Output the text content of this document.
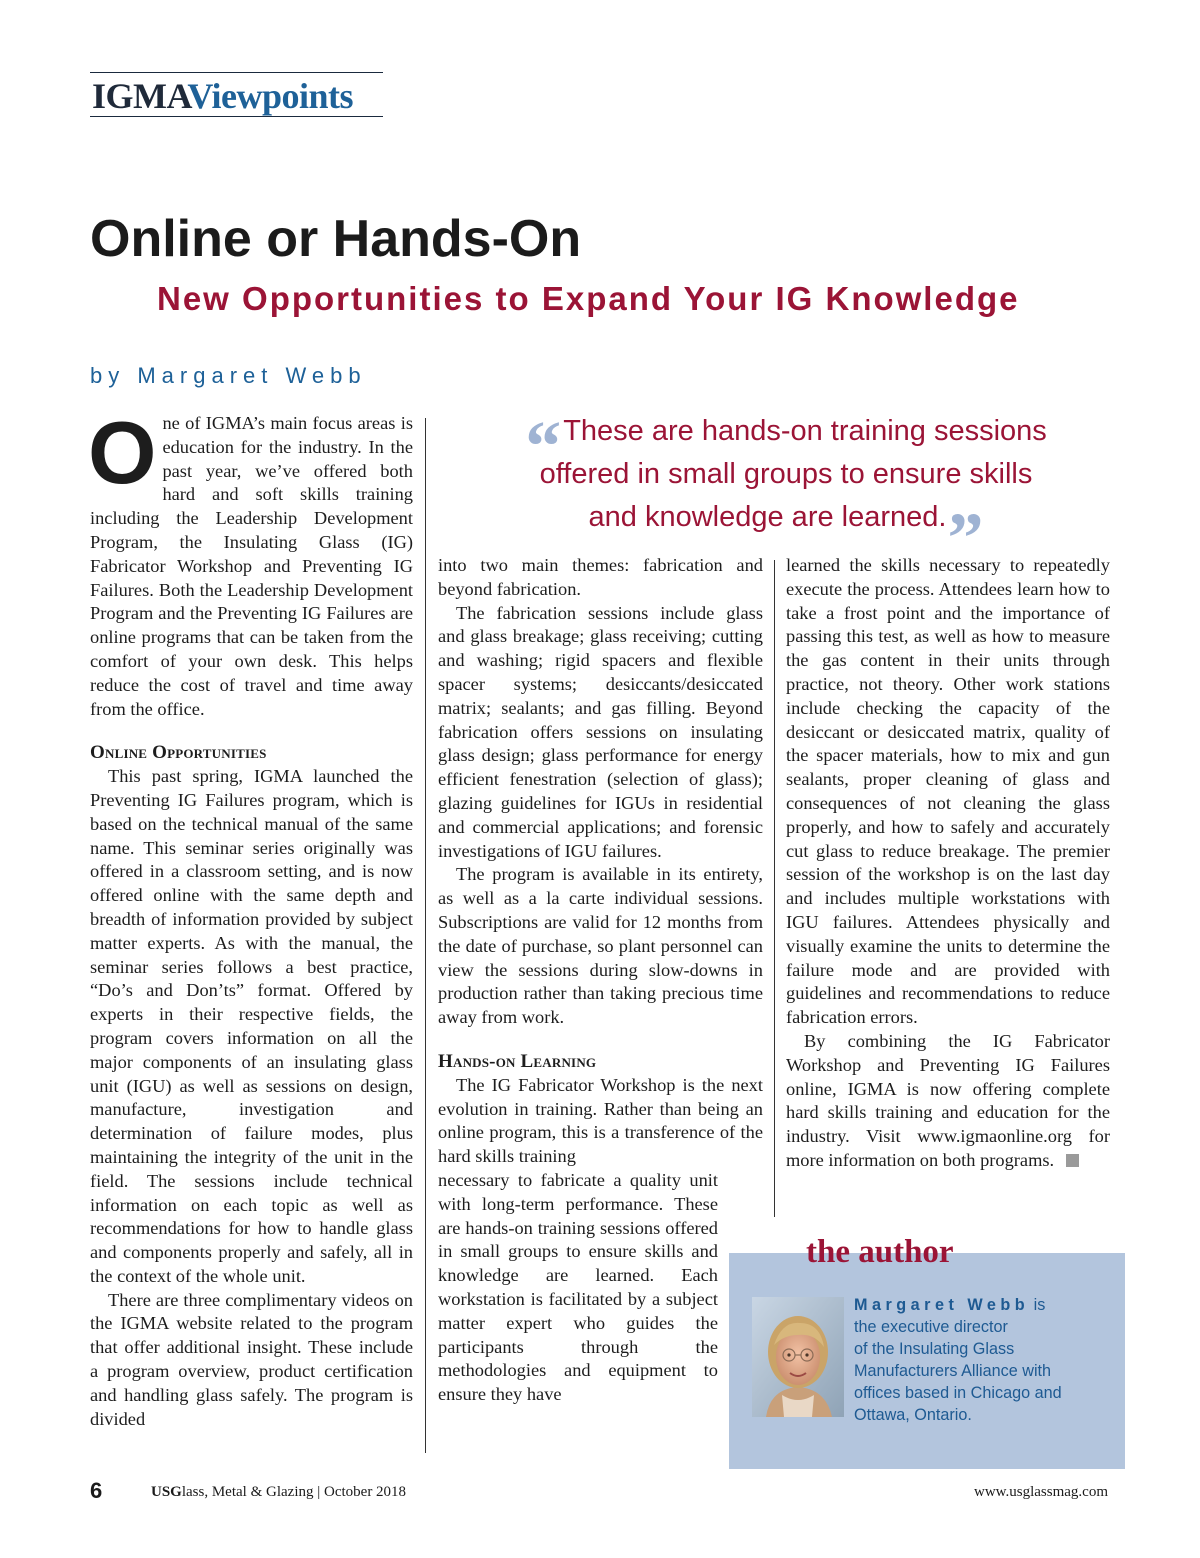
IGMAViewpoints
Online or Hands-On
New Opportunities to Expand Your IG Knowledge
by Margaret Webb
“These are hands-on training sessions
offered in small groups to ensure skills
and knowledge are learned.”

One of IGMA’s main focus areas is education for the industry. In the past year, we’ve offered both hard and soft skills training including the Leadership Development Program, the Insulating Glass (IG) Fabricator Workshop and Preventing IG Failures. Both the Leadership Development Program and the Preventing IG Failures are online programs that can be taken from the comfort of your own desk. This helps reduce the cost of travel and time away from the office.

Online Opportunities

This past spring, IGMA launched the Preventing IG Failures program, which is based on the technical manual of the same name. This seminar series originally was offered in a classroom setting, and is now offered online with the same depth and breadth of information provided by subject matter experts. As with the manual, the seminar series follows a best practice, “Do’s and Don’ts” format. Offered by experts in their respective fields, the program covers information on all the major components of an insulating glass unit (IGU) as well as sessions on design, manufacture, investigation and determination of failure modes, plus maintaining the integrity of the unit in the field. The sessions include technical information on each topic as well as recommendations for how to handle glass and components properly and safely, all in the context of the whole unit.

There are three complimentary videos on the IGMA website related to the program that offer additional insight. These include a program overview, product certification and handling glass safely. The program is divided

into two main themes: fabrication and beyond fabrication.

The fabrication sessions include glass and glass breakage; glass receiving; cutting and washing; rigid spacers and flexible spacer systems; desiccants/desiccated matrix; sealants; and gas filling. Beyond fabrication offers sessions on insulating glass design; glass performance for energy efficient fenestration (selection of glass); glazing guidelines for IGUs in residential and commercial applications; and forensic investigations of IGU failures.

The program is available in its entirety, as well as a la carte individual sessions. Subscriptions are valid for 12 months from the date of purchase, so plant personnel can view the sessions during slow-downs in production rather than taking precious time away from work.

Hands-on Learning

The IG Fabricator Workshop is the next evolution in training. Rather than being an online program, this is a transference of the hard skills training

necessary to fabricate a quality unit with long-term performance. These are hands-on training sessions offered in small groups to ensure skills and knowledge are learned. Each workstation is facilitated by a subject matter expert who guides the participants through the methodologies and equipment to ensure they have

learned the skills necessary to repeatedly execute the process. Attendees learn how to take a frost point and the importance of passing this test, as well as how to measure the gas content in their units through practice, not theory. Other work stations include checking the capacity of the desiccant or desiccated matrix, quality of the spacer materials, how to mix and gun sealants, proper cleaning of glass and consequences of not cleaning the glass properly, and how to safely and accurately cut glass to reduce breakage. The premier session of the workshop is on the last day and includes multiple workstations with IGU failures. Attendees physically and visually examine the units to determine the failure mode and are provided with guidelines and recommendations to reduce fabrication errors.

By combining the IG Fabricator Workshop and Preventing IG Failures online, IGMA is now offering complete hard skills training and education for the industry. Visit www.igmaonline.org for more information on both programs.

the author
Margaret Webb is
the executive director
of the Insulating Glass
Manufacturers Alliance with
offices based in Chicago and
Ottawa, Ontario.
6	USGlass, Metal & Glazing | October 2018	www.usglassmag.com
